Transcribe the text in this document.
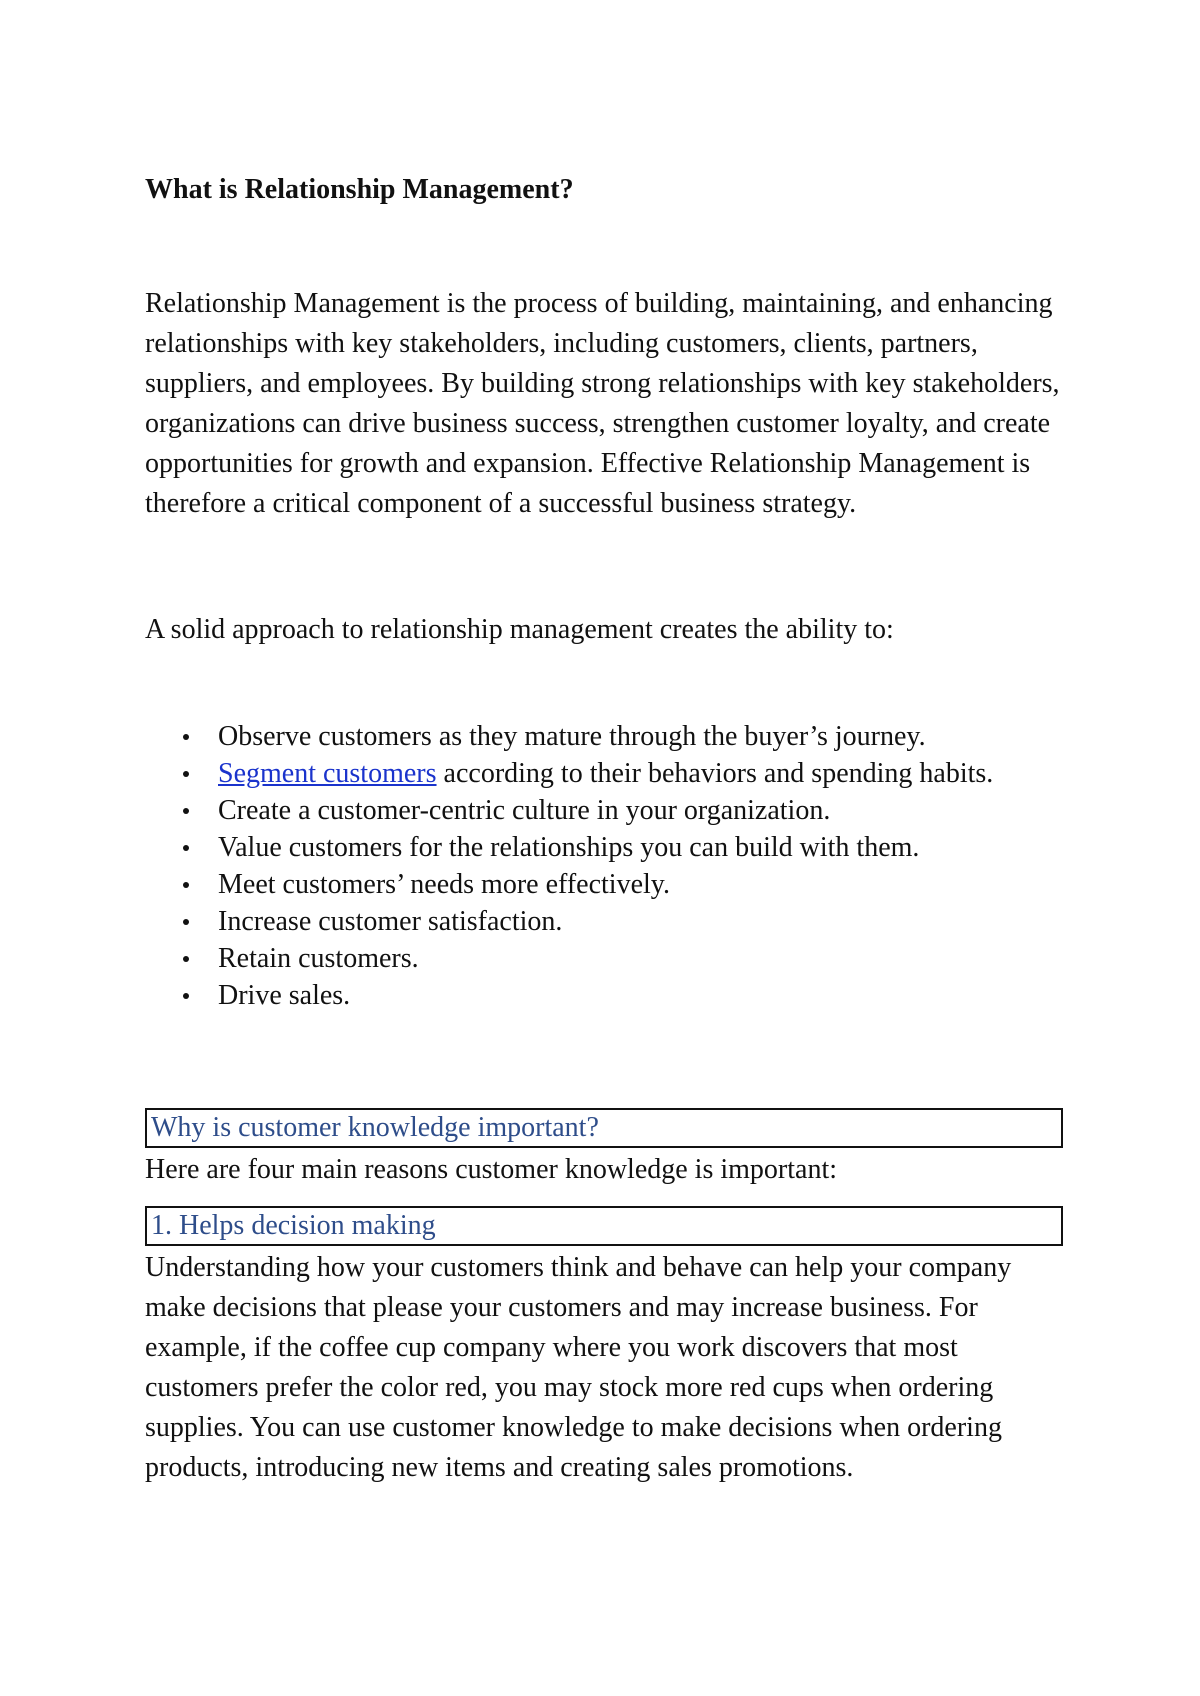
What is Relationship Management?

Relationship Management is the process of building, maintaining, and enhancing relationships with key stakeholders, including customers, clients, partners, suppliers, and employees. By building strong relationships with key stakeholders, organizations can drive business success, strengthen customer loyalty, and create opportunities for growth and expansion. Effective Relationship Management is therefore a critical component of a successful business strategy.

A solid approach to relationship management creates the ability to:

Observe customers as they mature through the buyer’s journey.
Segment customers according to their behaviors and spending habits.
Create a customer-centric culture in your organization.
Value customers for the relationships you can build with them.
Meet customers’ needs more effectively.
Increase customer satisfaction.
Retain customers.
Drive sales.
Why is customer knowledge important?

Here are four main reasons customer knowledge is important:

1. Helps decision making

Understanding how your customers think and behave can help your company make decisions that please your customers and may increase business. For example, if the coffee cup company where you work discovers that most customers prefer the color red, you may stock more red cups when ordering supplies. You can use customer knowledge to make decisions when ordering products, introducing new items and creating sales promotions.
